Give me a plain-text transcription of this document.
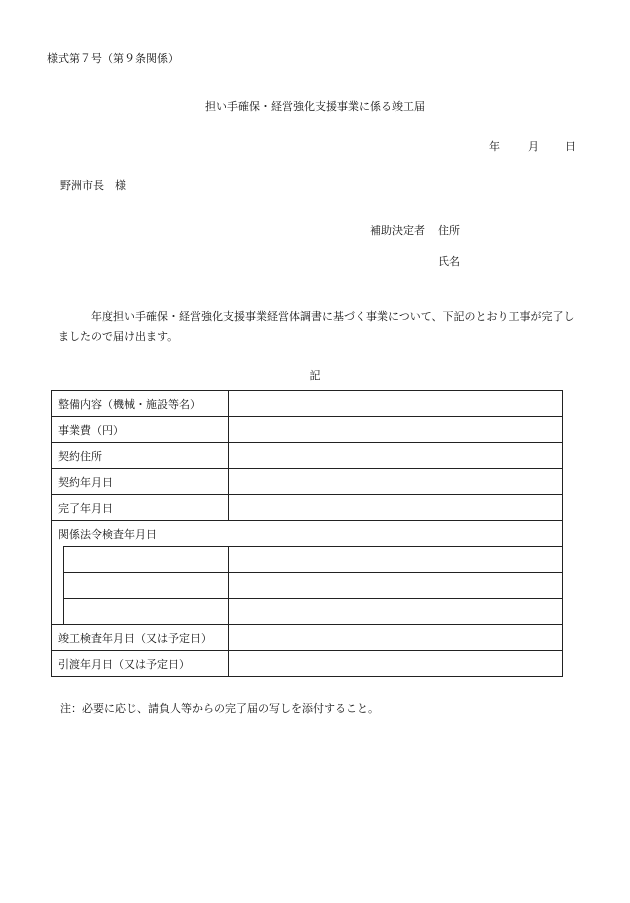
様式第７号（第９条関係）
担い手確保・経営強化支援事業に係る竣工届
年	月 日
野洲市長　様
補助決定者 住所
氏名
年度担い手確保・経営強化支援事業経営体調書に基づく事業について、下記のとおり工事が完了しましたので届け出ます。
記
整備内容（機械・施設等名）		
事業費（円）		
契約住所		
契約年月日		
完了年月日		
関係法令検査年月日		

竣工検査年月日（又は予定日）		
引渡年月日（又は予定日）		
注：必要に応じ、請負人等からの完了届の写しを添付すること。
